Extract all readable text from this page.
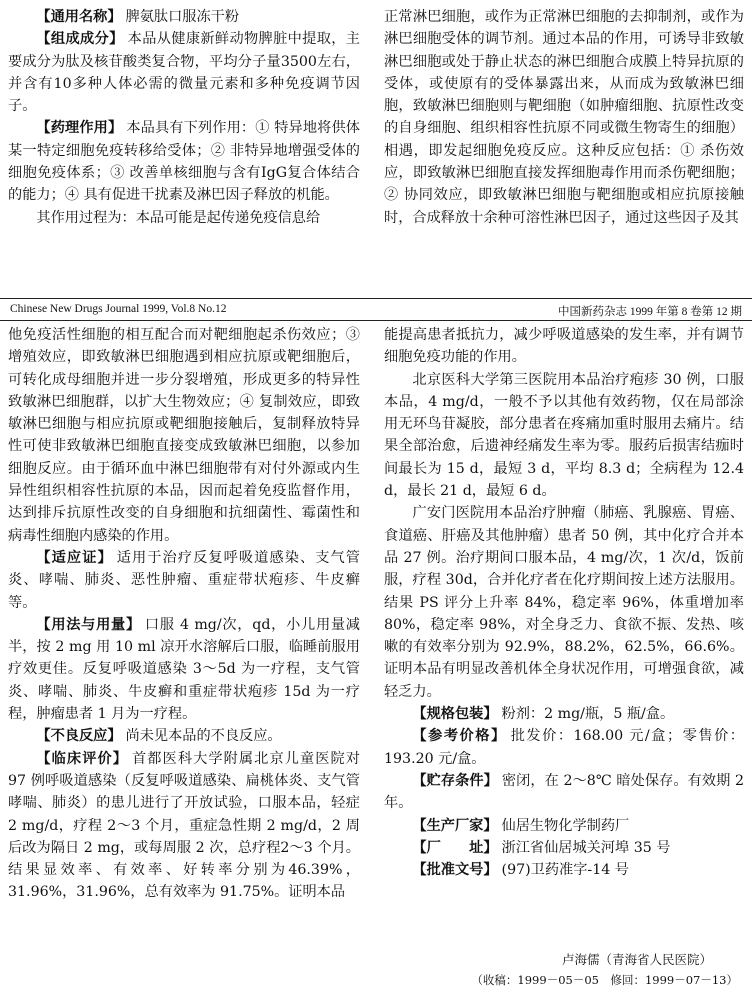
【通用名称】 脾氨肽口服冻干粉

【组成成分】 本品从健康新鲜动物脾脏中提取，主要成分为肽及核苷酸类复合物，平均分子量3500左右，并含有10多种人体必需的微量元素和多种免疫调节因子。

【药理作用】 本品具有下列作用：① 特异地将供体某一特定细胞免疫转移给受体；② 非特异地增强受体的细胞免疫体系；③ 改善单核细胞与含有IgG复合体结合的能力；④ 具有促进干扰素及淋巴因子释放的机能。

其作用过程为：本品可能是起传递免疫信息给

正常淋巴细胞，或作为正常淋巴细胞的去抑制剂，或作为淋巴细胞受体的调节剂。通过本品的作用，可诱导非致敏淋巴细胞或处于静止状态的淋巴细胞合成膜上特异抗原的受体，或使原有的受体暴露出来，从而成为致敏淋巴细胞，致敏淋巴细胞则与靶细胞（如肿瘤细胞、抗原性改变的自身细胞、组织相容性抗原不同或微生物寄生的细胞）相遇，即发起细胞免疫反应。这种反应包括：① 杀伤效应，即致敏淋巴细胞直接发挥细胞毒作用而杀伤靶细胞；② 协同效应，即致敏淋巴细胞与靶细胞或相应抗原接触时，合成释放十余种可溶性淋巴因子，通过这些因子及其

Chinese New Drugs Journal 1999, Vol.8 No.12	中国新药杂志 1999 年第 8 卷第 12 期

他免疫活性细胞的相互配合而对靶细胞起杀伤效应；③ 增殖效应，即致敏淋巴细胞遇到相应抗原或靶细胞后，可转化成母细胞并进一步分裂增殖，形成更多的特异性致敏淋巴细胞群，以扩大生物效应；④ 复制效应，即致敏淋巴细胞与相应抗原或靶细胞接触后，复制释放特异性可使非致敏淋巴细胞直接变成致敏淋巴细胞，以参加细胞反应。由于循环血中淋巴细胞带有对付外源或内生异性组织相容性抗原的本品，因而起着免疫监督作用，达到排斥抗原性改变的自身细胞和抗细菌性、霉菌性和病毒性细胞内感染的作用。

【适应证】 适用于治疗反复呼吸道感染、支气管炎、哮喘、肺炎、恶性肿瘤、重症带状疱疹、牛皮癣等。

【用法与用量】 口服 4 mg/次，qd，小儿用量减半，按 2 mg 用 10 ml 凉开水溶解后口服，临睡前服用疗效更佳。反复呼吸道感染 3～5d 为一疗程，支气管炎、哮喘、肺炎、牛皮癣和重症带状疱疹 15d 为一疗程，肿瘤患者 1 月为一疗程。

【不良反应】 尚未见本品的不良反应。

【临床评价】 首都医科大学附属北京儿童医院对 97 例呼吸道感染（反复呼吸道感染、扁桃体炎、支气管哮喘、肺炎）的患儿进行了开放试验，口服本品，轻症 2 mg/d，疗程 2～3 个月，重症急性期 2 mg/d，2 周后改为隔日 2 mg，或每周服 2 次，总疗程2～3 个月。结果显效率、有效率、好转率分别为46.39%，31.96%，31.96%，总有效率为 91.75%。证明本品

能提高患者抵抗力，减少呼吸道感染的发生率，并有调节细胞免疫功能的作用。

北京医科大学第三医院用本品治疗疱疹 30 例，口服本品，4 mg/d，一般不予以其他有效药物，仅在局部涂用无环鸟苷凝胶，部分患者在疼痛加重时服用去痛片。结果全部治愈，后遗神经痛发生率为零。服药后损害结痂时间最长为 15 d，最短 3 d，平均 8.3 d；全病程为 12.4 d，最长 21 d，最短 6 d。

广安门医院用本品治疗肿瘤（肺癌、乳腺癌、胃癌、食道癌、肝癌及其他肿瘤）患者 50 例，其中化疗合并本品 27 例。治疗期间口服本品，4 mg/次，1 次/d，饭前服，疗程 30d，合并化疗者在化疗期间按上述方法服用。结果 PS 评分上升率 84%，稳定率 96%，体重增加率 80%，稳定率 98%，对全身乏力、食欲不振、发热、咳嗽的有效率分别为 92.9%，88.2%，62.5%，66.6%。证明本品有明显改善机体全身状况作用，可增强食欲，减轻乏力。

【规格包装】 粉剂：2 mg/瓶，5 瓶/盒。

【参考价格】 批发价：168.00 元/盒；零售价：193.20 元/盒。

【贮存条件】 密闭，在 2～8℃ 暗处保存。有效期 2 年。

【生产厂家】 仙居生物化学制药厂

【厂　　址】 浙江省仙居城关河埠 35 号

【批准文号】 (97)卫药准字-14 号

卢海儒（青海省人民医院）
（收稿：1999－05－05　修回：1999－07－13）
